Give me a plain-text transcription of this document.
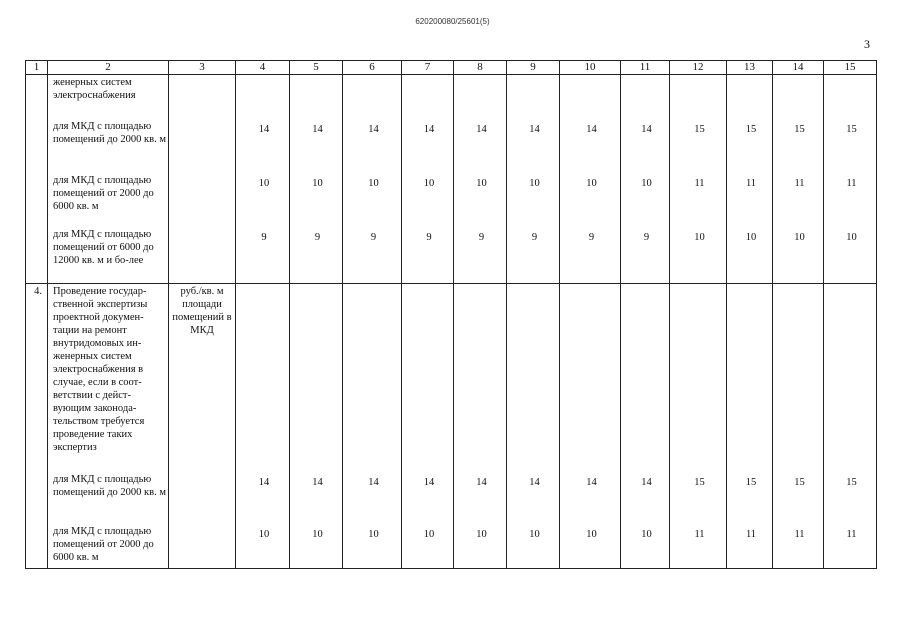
620200080/25601(5)
3
1	2	3	4	5	6	7	8	9	10	11	12	13	14	15
	женерных систем электроснабжения													
	для МКД с площадью помещений до 2000 кв. м		14	14	14	14	14	14	14	14	15	15	15	15
	для МКД с площадью помещений от 2000 до 6000 кв. м		10	10	10	10	10	10	10	10	11	11	11	11
	для МКД с площадью помещений от 6000 до 12000 кв. м и бо-лее		9	9	9	9	9	9	9	9	10	10	10	10
4.	Проведение государ-ственной экспертизы проектной докумен-тации на ремонт внутридомовых ин-женерных систем электроснабжения в случае, если в соот-ветствии с дейст-вующим законода-тельством требуется проведение таких экспертиз	руб./кв. м площади помещений в МКД												
	для МКД с площадью помещений до 2000 кв. м		14	14	14	14	14	14	14	14	15	15	15	15
	для МКД с площадью помещений от 2000 до 6000 кв. м		10	10	10	10	10	10	10	10	11	11	11	11
